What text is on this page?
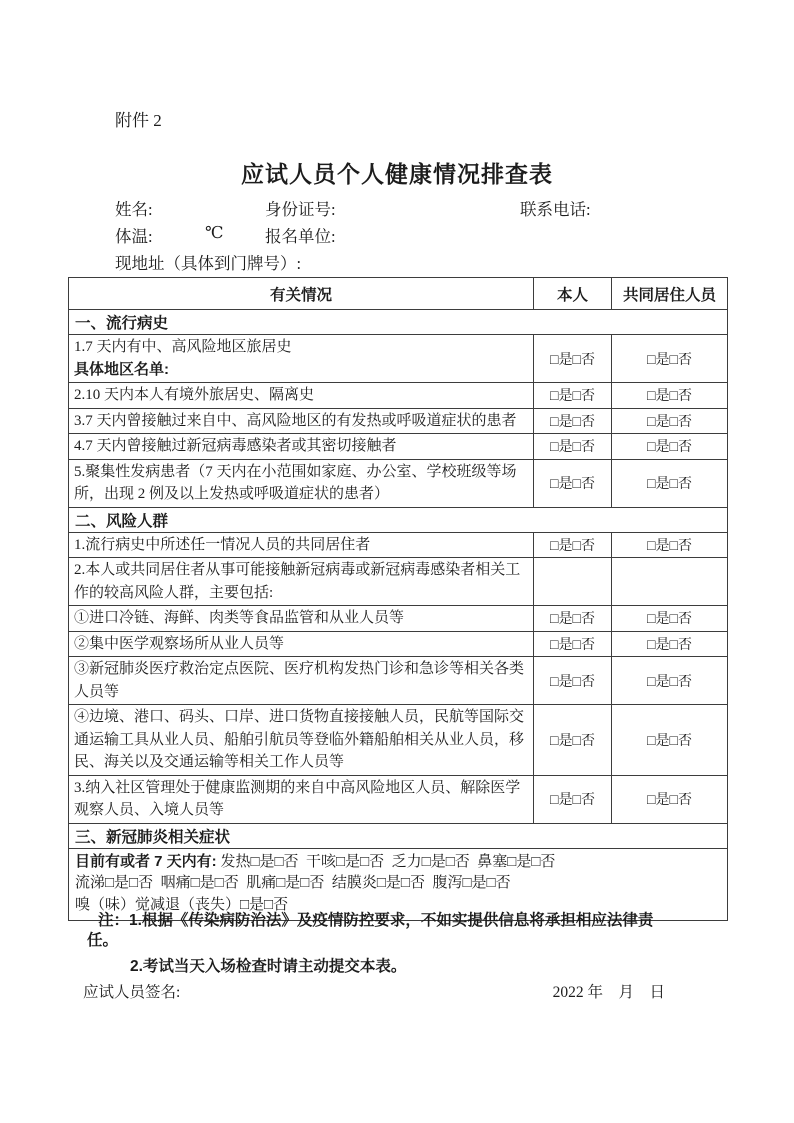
附件 2
应试人员个人健康情况排查表
姓名:	身份证号:	联系电话:
体温:	℃	报名单位:
现地址（具体到门牌号）:
有关情况	本人	共同居住人员
一、流行病史		

1.7 天内有中、高风险地区旅居史
具体地区名单:	□是□否	□是□否

2.10 天内本人有境外旅居史、隔离史	□是□否	□是□否

3.7 天内曾接触过来自中、高风险地区的有发热或呼吸道症状的患者	□是□否	□是□否

4.7 天内曾接触过新冠病毒感染者或其密切接触者	□是□否	□是□否

5.聚集性发病患者（7 天内在小范围如家庭、办公室、学校班级等场所，出现 2 例及以上发热或呼吸道症状的患者）	□是□否	□是□否
二、风险人群		

1.流行病史中所述任一情况人员的共同居住者	□是□否	□是□否

2.本人或共同居住者从事可能接触新冠病毒或新冠病毒感染者相关工作的较高风险人群，主要包括:		

①进口冷链、海鲜、肉类等食品监管和从业人员等	□是□否	□是□否

②集中医学观察场所从业人员等	□是□否	□是□否

③新冠肺炎医疗救治定点医院、医疗机构发热门诊和急诊等相关各类人员等	□是□否	□是□否

④边境、港口、码头、口岸、进口货物直接接触人员，民航等国际交通运输工具从业人员、船舶引航员等登临外籍船舶相关从业人员，移民、海关以及交通运输等相关工作人员等	□是□否	□是□否

3.纳入社区管理处于健康监测期的来自中高风险地区人员、解除医学观察人员、入境人员等	□是□否	□是□否
三、新冠肺炎相关症状		

目前有或者 7 天内有: 发热□是□否  干咳□是□否  乏力□是□否  鼻塞□是□否
流涕□是□否  咽痛□是□否  肌痛□是□否  结膜炎□是□否  腹泻□是□否
嗅（味）觉减退（丧失）□是□否		
注：1.根据《传染病防治法》及疫情防控要求，不如实提供信息将承担相应法律责任。
2.考试当天入场检查时请主动提交本表。
应试人员签名:	2022 年    月    日
